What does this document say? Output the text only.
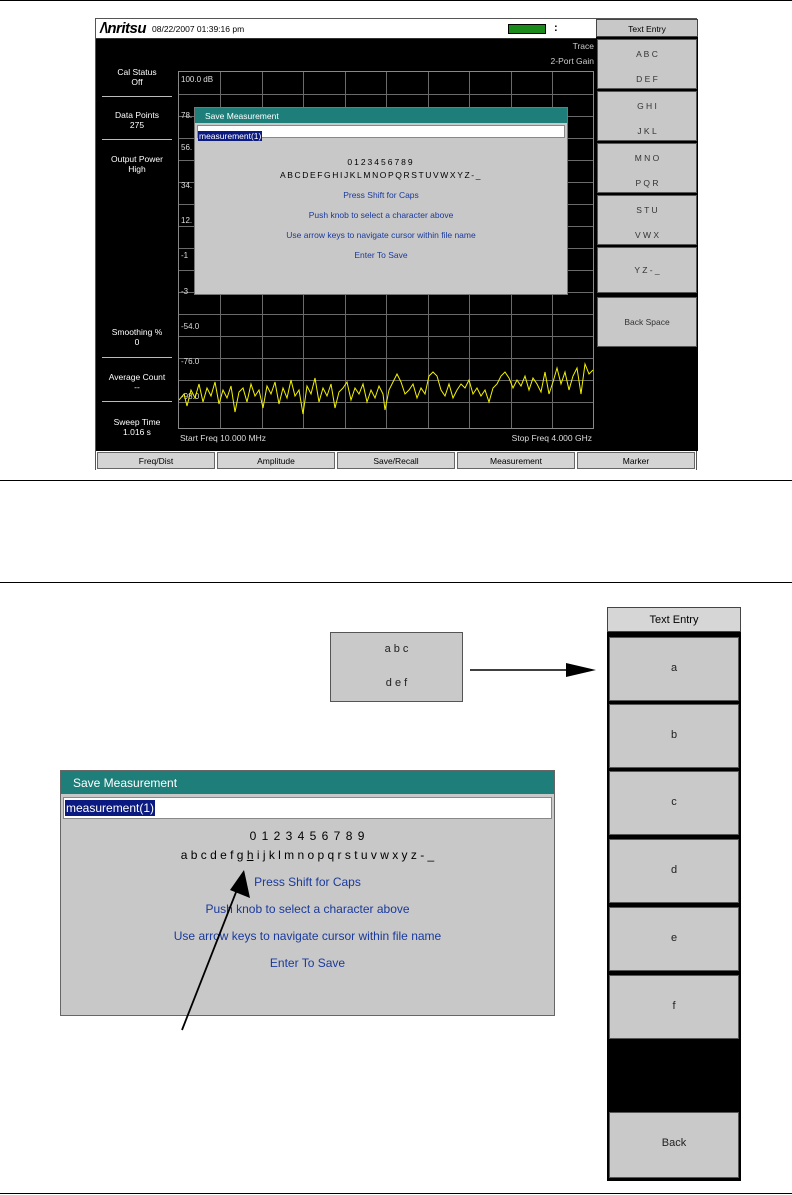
/\nritsu 08/22/2007 01:39:16 pm	:
Trace
2-Port Gain
Cal Status
Off
Data Points
275
Output Power
High
Smoothing %
0
Average Count
--
Sweep Time
1.016 s
100.0 dB
78.
56.
34.
12.
-1
-3
-54.0
-76.0
-98.0
Start Freq 10.000 MHz	Stop Freq 4.000 GHz
Save Measurement
measurement(1)
0123456789
ABCDEFGHIJKLMNOPQRSTUVWXYZ-_
Press Shift for Caps
Push knob to select a character above
Use arrow keys to navigate cursor within file name
Enter To Save
Text Entry
A B C
D E F
G H I
J K L
M N O
P Q R
S T U
V W X
Y Z - _
Back Space
Freq/Dist	Amplitude	Save/Recall	Measurement	Marker
a b c
d e f
Text Entry
a
b
c
d
e
f
Back
Save Measurement
measurement(1)
0 1 2 3 4 5 6 7 8 9
a b c d e f g h i j k l m n o p q r s t u v w x y z - _
Press Shift for Caps
Push knob to select a character above
Use arrow keys to navigate cursor within file name
Enter To Save
